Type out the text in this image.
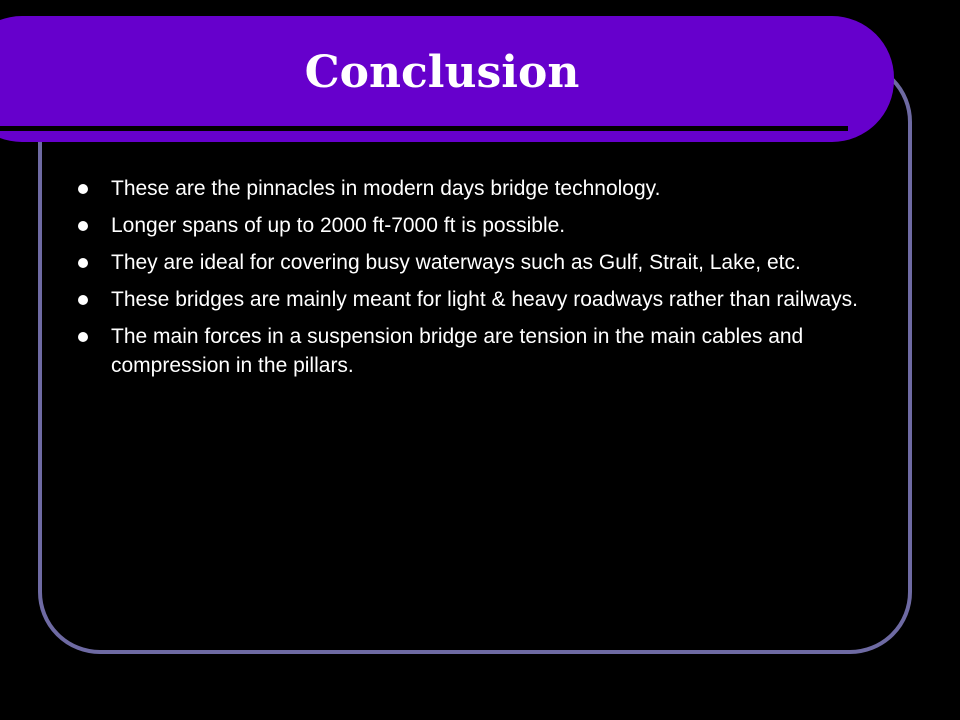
Conclusion
These are the pinnacles in modern days bridge technology.
Longer spans of up to 2000 ft-7000 ft is possible.
They are ideal for covering busy waterways such as Gulf, Strait, Lake, etc.
These bridges are mainly meant for light & heavy roadways rather than railways.
The main forces in a suspension bridge are tension in the main cables and compression in the pillars.
